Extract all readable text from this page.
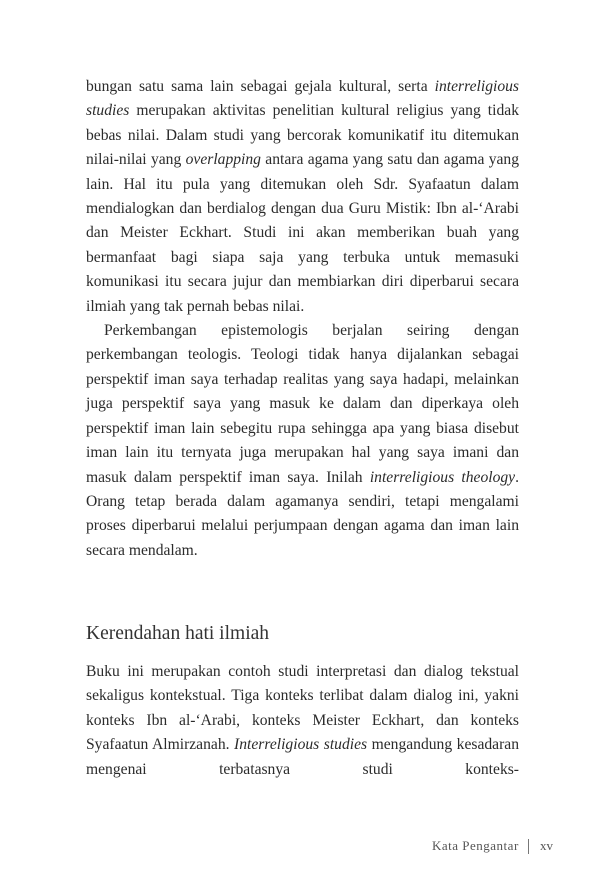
bungan satu sama lain sebagai gejala kultural, serta interreligious studies merupakan aktivitas penelitian kultural religius yang tidak bebas nilai. Dalam studi yang bercorak komunikatif itu ditemukan nilai-nilai yang overlapping antara agama yang satu dan agama yang lain. Hal itu pula yang ditemukan oleh Sdr. Syafaatun dalam mendialogkan dan berdialog dengan dua Guru Mistik: Ibn al-‘Arabi dan Meister Eckhart. Studi ini akan memberikan buah yang bermanfaat bagi siapa saja yang terbuka untuk memasuki komunikasi itu secara jujur dan membiarkan diri diperbarui secara ilmiah yang tak pernah bebas nilai.

Perkembangan epistemologis berjalan seiring dengan perkembangan teologis. Teologi tidak hanya dijalankan sebagai perspektif iman saya terhadap realitas yang saya hadapi, melainkan juga perspektif saya yang masuk ke dalam dan diperkaya oleh perspektif iman lain sebegitu rupa sehingga apa yang biasa disebut iman lain itu ternyata juga merupakan hal yang saya imani dan masuk dalam perspektif iman saya. Inilah interreligious theology. Orang tetap berada dalam agamanya sendiri, tetapi mengalami proses diperbarui melalui perjumpaan dengan agama dan iman lain secara mendalam.

Kerendahan hati ilmiah

Buku ini merupakan contoh studi interpretasi dan dialog tekstual sekaligus kontekstual. Tiga konteks terlibat dalam dialog ini, yakni konteks Ibn al-‘Arabi, konteks Meister Eckhart, dan konteks Syafaatun Almirzanah. Interreligious studies mengandung kesadaran mengenai terbatasnya studi konteks-

Kata Pengantar xv
